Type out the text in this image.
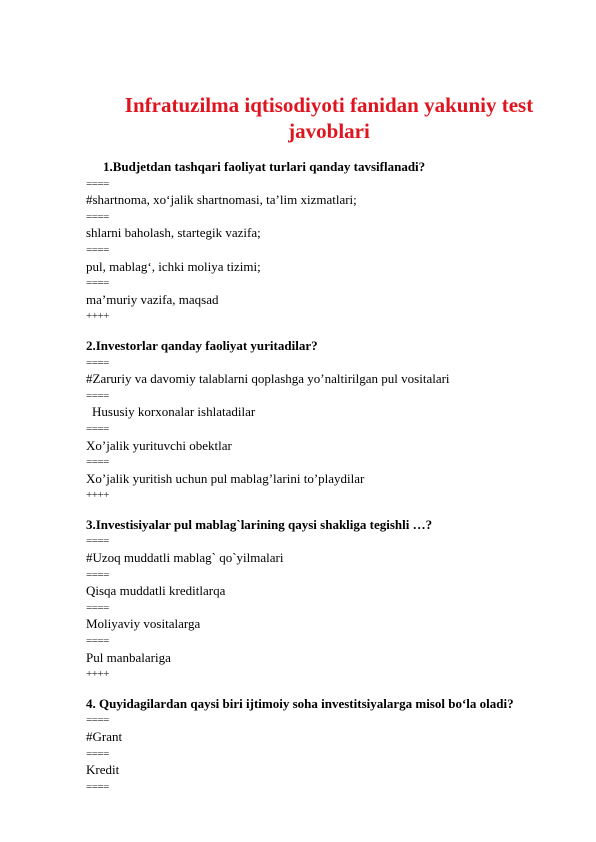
Infratuzilma iqtisodiyoti fanidan yakuniy test javoblari
1.Budjetdan tashqari faoliyat turlari qanday tavsiflanadi?
====
#shartnoma, xo‘jalik shartnomasi, ta’lim xizmatlari;
====
shlarni baholash, startegik vazifa;
====
pul, mablag‘, ichki moliya tizimi;
====
ma’muriy vazifa, maqsad
++++
2.Investorlar qanday faoliyat yuritadilar?
====
#Zaruriy va davomiy talablarni qoplashga yo’naltirilgan pul vositalari
====
Hususiy korxonalar ishlatadilar
====
Xo’jalik yurituvchi obektlar
====
Xo’jalik yuritish uchun pul mablag’larini to’playdilar
++++
3.Investisiyalar pul mablag`larining qaysi shakliga tegishli …?
====
#Uzoq muddatli mablag` qo`yilmalari
====
Qisqa muddatli kreditlarqa
====
Moliyaviy vositalarga
====
Pul manbalariga
++++
4. Quyidagilardan qaysi biri ijtimoiy soha investitsiyalarga misol bo‘la oladi?
====
#Grant
====
Kredit
====
